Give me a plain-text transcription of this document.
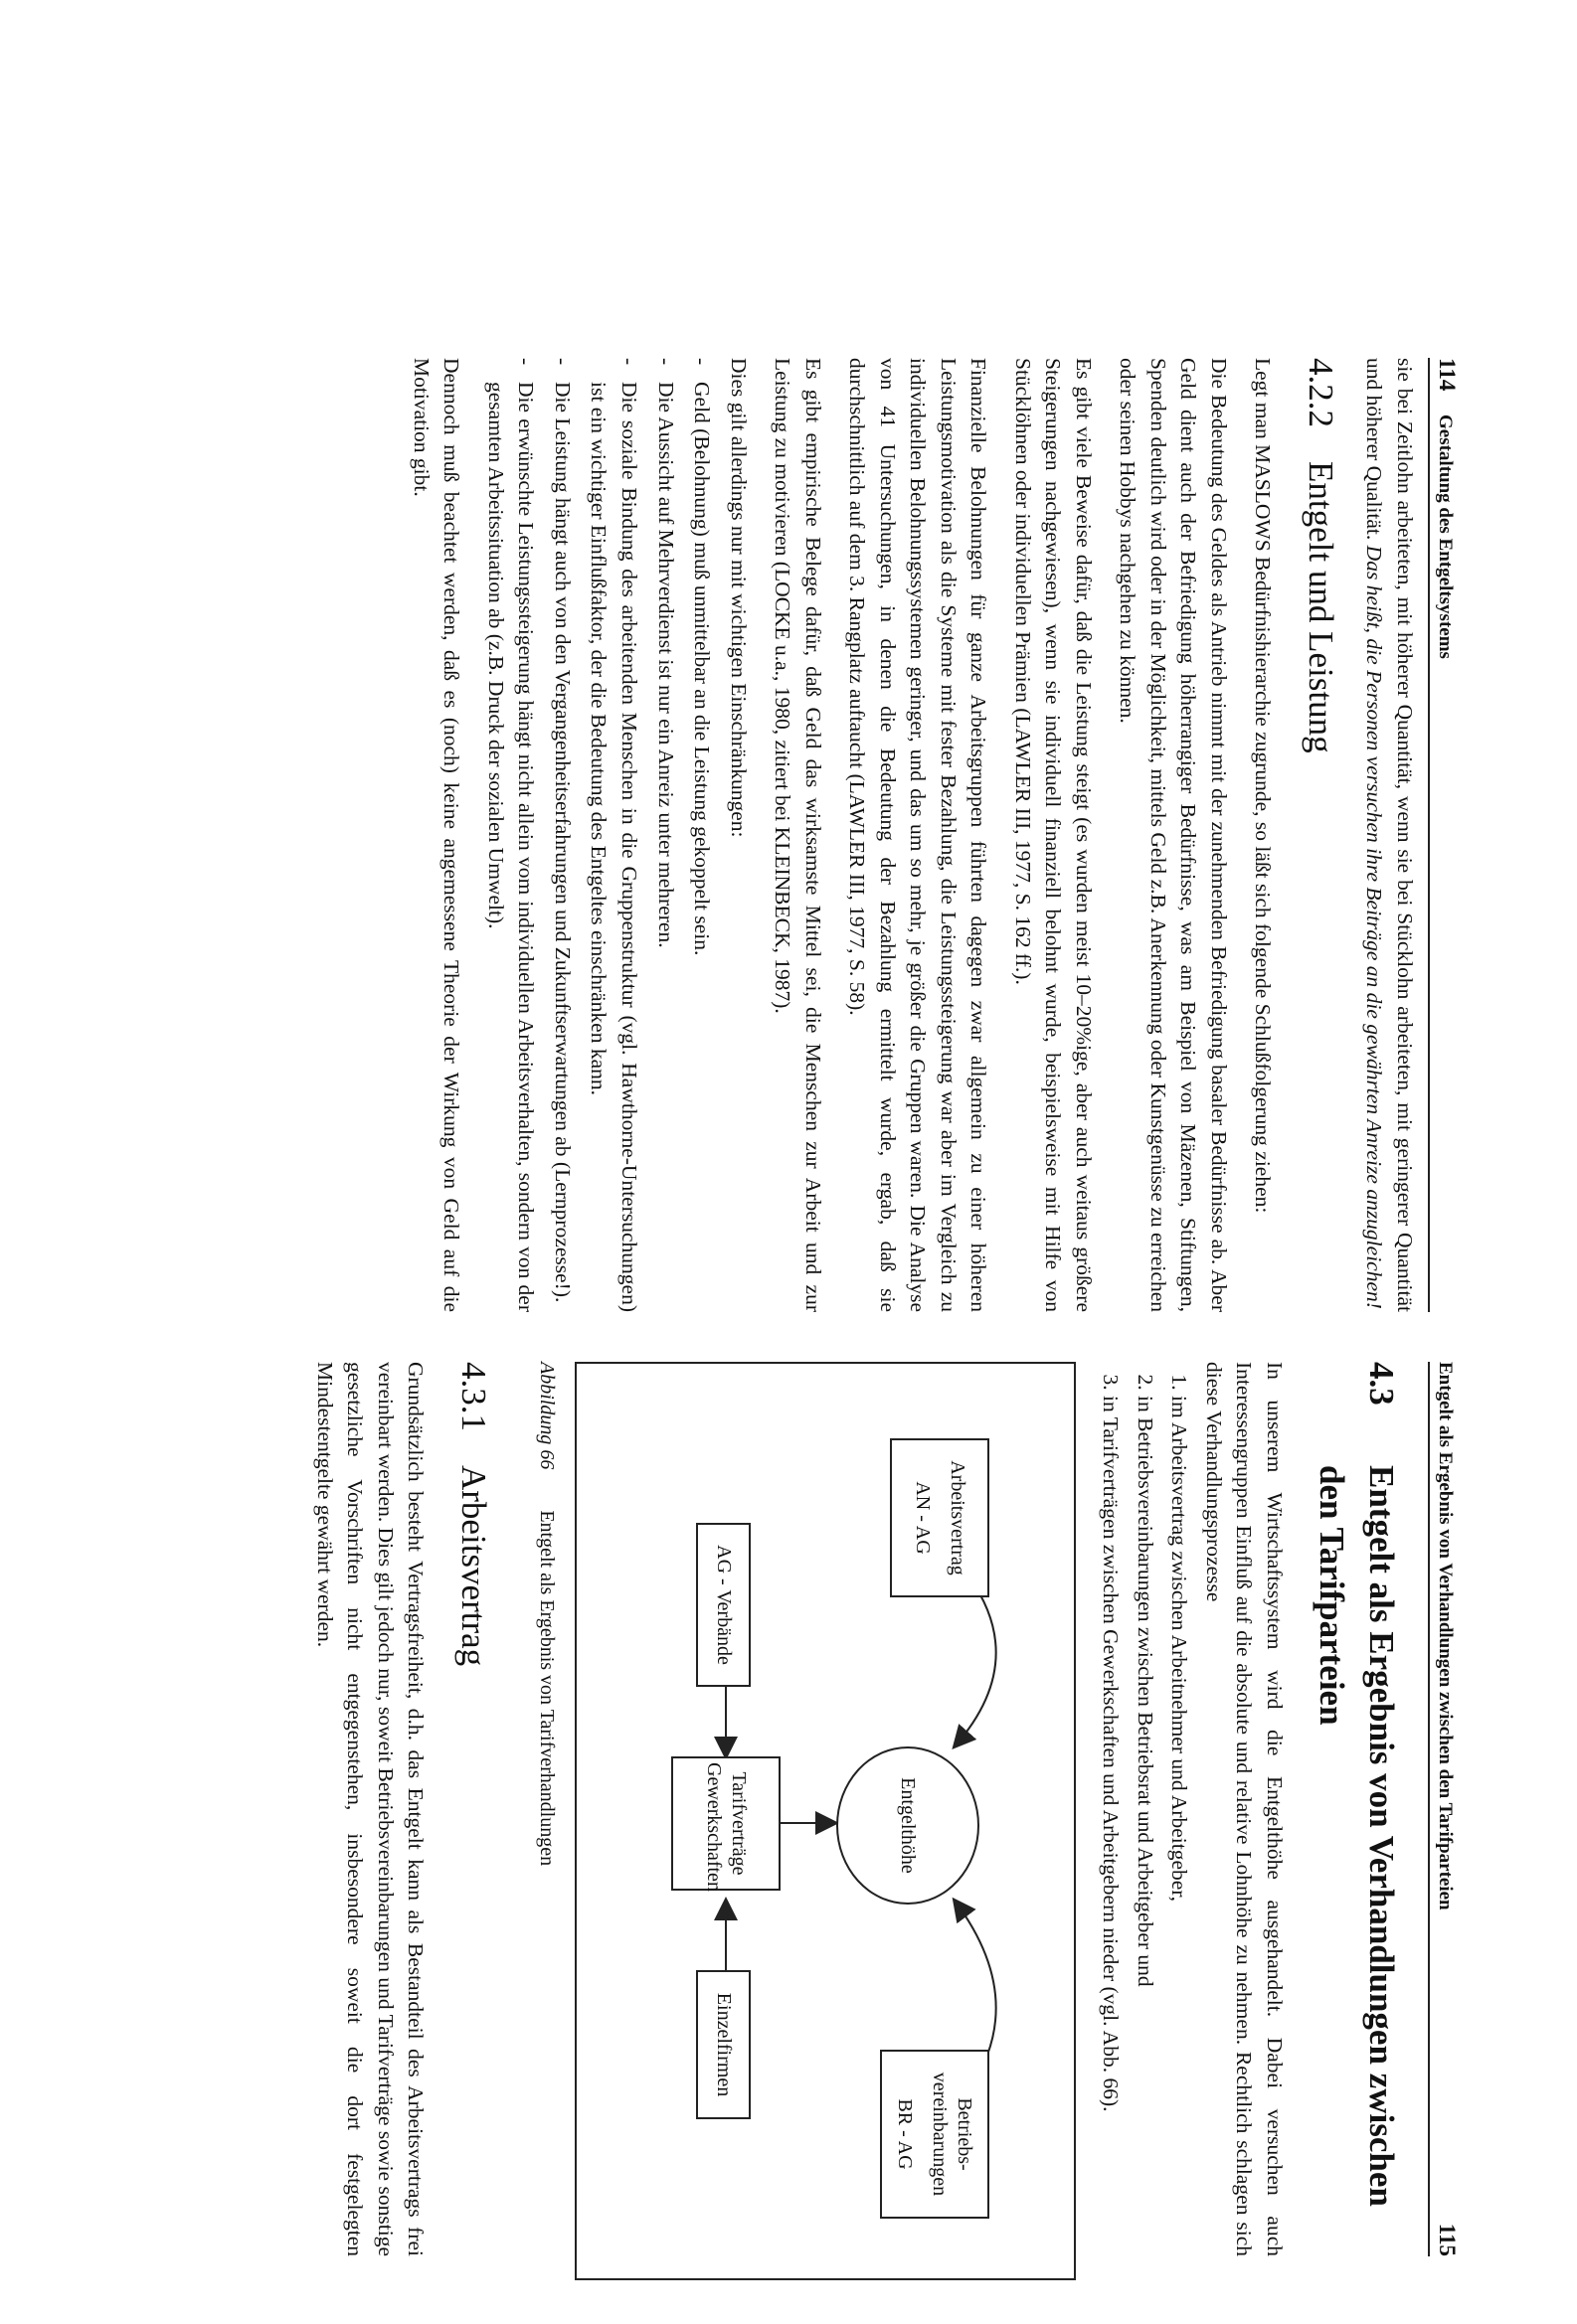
114     Gestaltung des Entgeltsystems

sie bei Zeitlohn arbeiteten, mit höherer Quantität, wenn sie bei Stücklohn arbeiteten, mit geringerer Quantität und höherer Qualität. Das heißt, die Personen versuchen ihre Beiträge an die gewährten Anreize anzugleichen!

4.2.2
Entgelt und Leistung

Legt man MASLOWS Bedürfnishierarchie zugrunde, so läßt sich folgende Schlußfolgerung ziehen:

Die Bedeutung des Geldes als Antrieb nimmt mit der zunehmenden Befriedigung basaler Bedürfnisse ab. Aber Geld dient auch der Befriedigung höherrangiger Bedürfnisse, was am Beispiel von Mäzenen, Stiftungen, Spenden deutlich wird oder in der Möglichkeit, mittels Geld z.B. Anerkennung oder Kunstgenüsse zu erreichen oder seinen Hobbys nachgehen zu können.

Es gibt viele Beweise dafür, daß die Leistung steigt (es wurden meist 10–20%ige, aber auch weitaus größere Steigerungen nachgewiesen), wenn sie individuell finanziell belohnt wurde, beispielsweise mit Hilfe von Stücklöhnen oder individuellen Prämien (LAWLER III, 1977, S. 162 ff.).

Finanzielle Belohnungen für ganze Arbeitsgruppen führten dagegen zwar allgemein zu einer höheren Leistungsmotivation als die Systeme mit fester Bezahlung, die Leistungssteigerung war aber im Vergleich zu individuellen Belohnungssystemen geringer, und das um so mehr, je größer die Gruppen waren. Die Analyse von 41 Untersuchungen, in denen die Bedeutung der Bezahlung ermittelt wurde, ergab, daß sie durchschnittlich auf dem 3. Rangplatz auftaucht (LAWLER III, 1977, S. 58).

Es gibt empirische Belege dafür, daß Geld das wirksamste Mittel sei, die Menschen zur Arbeit und zur Leistung zu motivieren (LOCKE u.a., 1980, zitiert bei KLEINBECK, 1987).

Dies gilt allerdings nur mit wichtigen Einschränkungen:

- Geld (Belohnung) muß unmittelbar an die Leistung gekoppelt sein.
- Die Aussicht auf Mehrverdienst ist nur ein Anreiz unter mehreren.
- Die soziale Bindung des arbeitenden Menschen in die Gruppenstruktur (vgl. Hawthorne-Untersuchungen) ist ein wichtiger Einflußfaktor, der die Bedeutung des Entgeltes einschränken kann.
- Die Leistung hängt auch von den Vergangenheitserfahrungen und Zukunftserwartungen ab (Lernprozesse!).
- Die erwünschte Leistungssteigerung hängt nicht allein vom individuellen Arbeitsverhalten, sondern von der gesamten Arbeitssituation ab (z.B. Druck der sozialen Umwelt).

Dennoch muß beachtet werden, daß es (noch) keine angemessene Theorie der Wirkung von Geld auf die Motivation gibt.

Entgelt als Ergebnis von Verhandlungen zwischen den Tarifparteien
115
4.3
Entgelt als Ergebnis von Verhandlungen zwischen den Tarifparteien

In unserem Wirtschaftssystem wird die Entgelthöhe ausgehandelt. Dabei versuchen auch Interessengruppen Einfluß auf die absolute und relative Lohnhöhe zu nehmen. Rechtlich schlagen sich diese Verhandlungsprozesse

1. im Arbeitsvertrag zwischen Arbeitnehmer und Arbeitgeber,
2. in Betriebsvereinbarungen zwischen Betriebsrat und Arbeitgeber und
3. in Tarifverträgen zwischen Gewerkschaften und Arbeitgebern nieder (vgl. Abb. 66).
Arbeitsvertrag
AN - AG
Entgelthöhe
Betriebs-
vereinbarungen
BR - AG
Tarifverträge
Gewerkschaften
AG - Verbände
Einzelfirmen
Abbildung 66 Entgelt als Ergebnis von Tarifverhandlungen
4.3.1
Arbeitsvertrag

Grundsätzlich besteht Vertragsfreiheit, d.h. das Entgelt kann als Bestandteil des Arbeitsvertrags frei vereinbart werden. Dies gilt jedoch nur, soweit Betriebsvereinbarungen und Tarifverträge sowie sonstige gesetzliche Vorschriften nicht entgegenstehen, insbesondere soweit die dort festgelegten Mindestentgelte gewährt werden.
